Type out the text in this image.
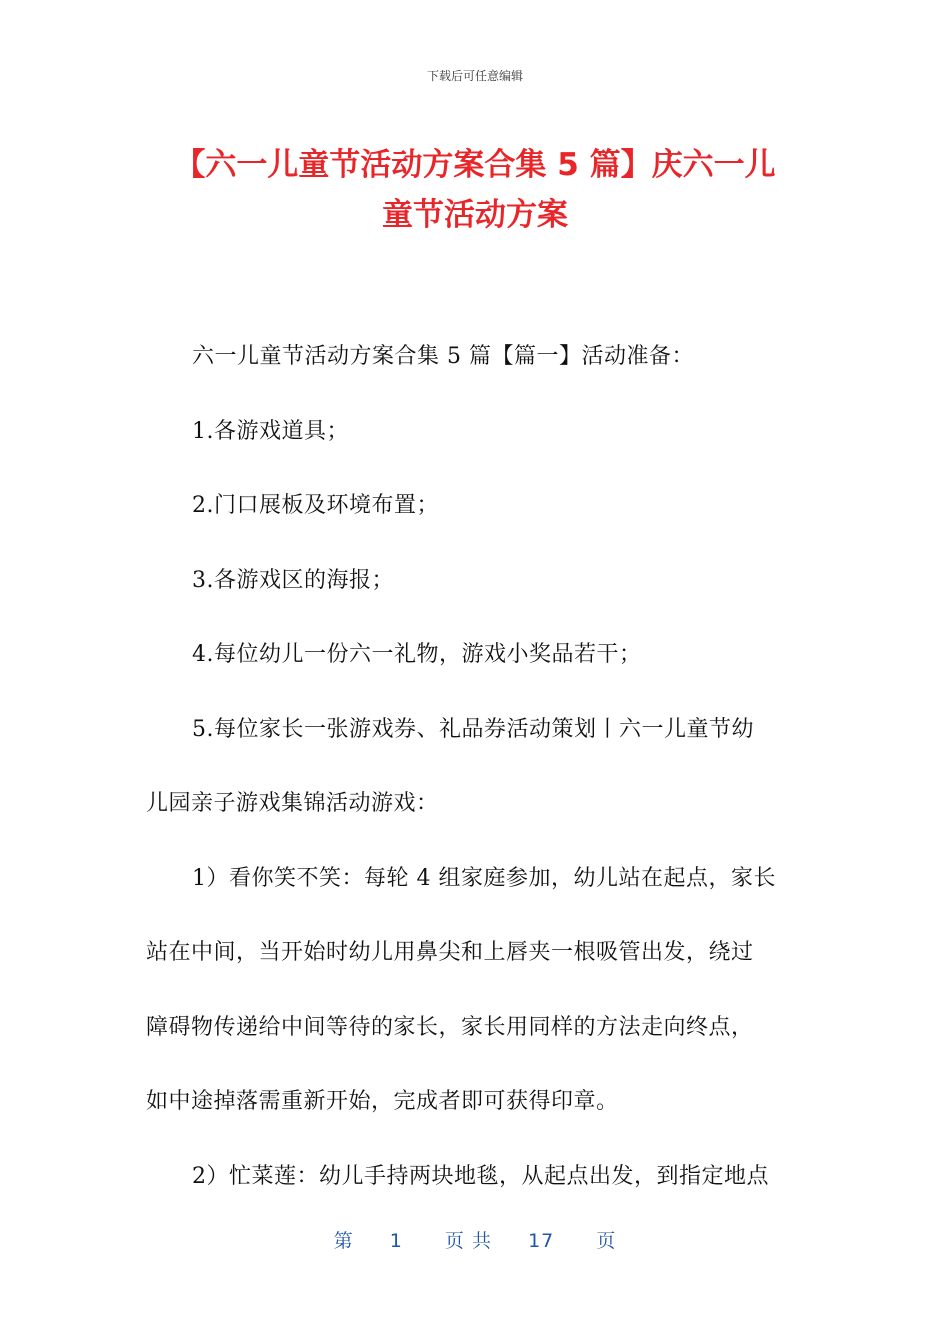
下载后可任意编辑
【六一儿童节活动方案合集 5 篇】庆六一儿
童节活动方案

六一儿童节活动方案合集 5 篇【篇一】活动准备：

1.各游戏道具；

2.门口展板及环境布置；

3.各游戏区的海报；

4.每位幼儿一份六一礼物，游戏小奖品若干；

5.每位家长一张游戏券、礼品券活动策划丨六一儿童节幼

儿园亲子游戏集锦活动游戏：

1）看你笑不笑：每轮 4 组家庭参加，幼儿站在起点，家长

站在中间，当开始时幼儿用鼻尖和上唇夹一根吸管出发，绕过

障碍物传递给中间等待的家长，家长用同样的方法走向终点，

如中途掉落需重新开始，完成者即可获得印章。

2）忙菜莲：幼儿手持两块地毯，从起点出发，到指定地点

第 1 页 共 17 页
